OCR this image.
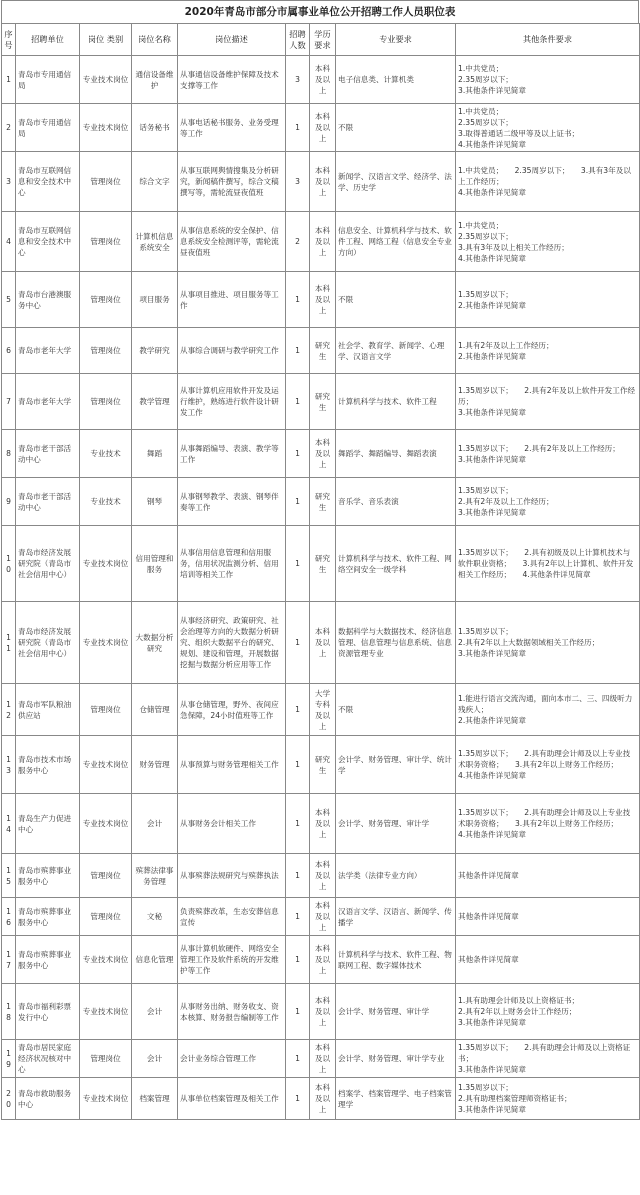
2020年青岛市部分市属事业单位公开招聘工作人员职位表
序号	招聘单位	岗位 类别	岗位名称	岗位描述	招聘人数	学历要求	专业要求	其他条件要求
1	青岛市专用通信局	专业技术岗位	通信设备维护	从事通信设备维护保障及技术支撑等工作	3	本科及以上	电子信息类、计算机类	1.中共党员；
2.35周岁以下；
3.其他条件详见简章
2	青岛市专用通信局	专业技术岗位	话务秘书	从事电话秘书服务、业务受理等工作	1	本科及以上	不限	1.中共党员；
2.35周岁以下；
3.取得普通话二级甲等及以上证书；
4.其他条件详见简章
3	青岛市互联网信息和安全技术中心	管理岗位	综合文字	从事互联网舆情搜集及分析研究，新闻稿件撰写，综合文稿撰写等，需轮流昼夜值班	3	本科及以上	新闻学、汉语言文学、经济学、法学、历史学	1.中共党员；　　2.35周岁以下；　　3.具有3年及以上工作经历；
4.其他条件详见简章
4	青岛市互联网信息和安全技术中心	管理岗位	计算机信息系统安全	从事信息系统的安全保护、信息系统安全检测评等，需轮流昼夜值班	2	本科及以上	信息安全、计算机科学与技术、软件工程、网络工程（信息安全专业方向）	1.中共党员；
2.35周岁以下；
3.具有3年及以上相关工作经历；
4.其他条件详见简章
5	青岛市台港澳服务中心	管理岗位	项目服务	从事项目推进、项目服务等工作	1	本科及以上	不限	1.35周岁以下；
2.其他条件详见简章
6	青岛市老年大学	管理岗位	教学研究	从事综合调研与教学研究工作	1	研究生	社会学、教育学、新闻学、心理学、汉语言文学	1.具有2年及以上工作经历；
2.其他条件详见简章
7	青岛市老年大学	管理岗位	教学管理	从事计算机应用软件开发及运行维护，熟练进行软件设计研发工作	1	研究生	计算机科学与技术、软件工程	1.35周岁以下；　　2.具有2年及以上软件开发工作经历；
3.其他条件详见简章
8	青岛市老干部活动中心	专业技术	舞蹈	从事舞蹈编导、表演、教学等工作	1	本科及以上	舞蹈学、舞蹈编导、舞蹈表演	1.35周岁以下；　　2.具有2年及以上工作经历；
3.其他条件详见简章
9	青岛市老干部活动中心	专业技术	钢琴	从事钢琴教学、表演、钢琴伴奏等工作	1	研究生	音乐学、音乐表演	1.35周岁以下；
2.具有2年及以上工作经历；
3.其他条件详见简章
10	青岛市经济发展研究院（青岛市社会信用中心）	专业技术岗位	信用管理和服务	从事信用信息管理和信用服务，信用状况监测分析、信用培训等相关工作	1	研究生	计算机科学与技术、软件工程、网络空间安全一级学科	1.35周岁以下；　　2.具有初级及以上计算机技术与软件职业资格；　　3.具有2年以上计算机、软件开发相关工作经历；　　4.其他条件详见简章
11	青岛市经济发展研究院（青岛市社会信用中心）	专业技术岗位	大数据分析研究	从事经济研究、政策研究、社会治理等方向的大数据分析研究、组织大数据平台的研究、规划、建设和管理，开展数据挖掘与数据分析应用等工作	1	本科及以上	数据科学与大数据技术、经济信息管理、信息管理与信息系统、信息资源管理专业	1.35周岁以下；
2.具有2年以上大数据领域相关工作经历；
3.其他条件详见简章
12	青岛市军队粮油供应站	管理岗位	仓储管理	从事仓储管理，野外、夜间应急保障，24小时值班等工作	1	大学专科及以上	不限	1.能进行语言交流沟通，面向本市二、三、四级听力残疾人；
2.其他条件详见简章
13	青岛市技术市场服务中心	专业技术岗位	财务管理	从事预算与财务管理相关工作	1	研究生	会计学、财务管理、审计学、统计学	1.35周岁以下；　　2.具有助理会计师及以上专业技术职务资格；　　3.具有2年以上财务工作经历；
4.其他条件详见简章
14	青岛生产力促进中心	专业技术岗位	会计	从事财务会计相关工作	1	本科及以上	会计学、财务管理、审计学	1.35周岁以下；　　2.具有助理会计师及以上专业技术职务资格；　　3.具有2年以上财务工作经历；
4.其他条件详见简章
15	青岛市殡葬事业服务中心	管理岗位	殡葬法律事务管理	从事殡葬法规研究与殡葬执法	1	本科及以上	法学类（法律专业方向）	其他条件详见简章
16	青岛市殡葬事业服务中心	管理岗位	文秘	负责殡葬改革，生态安葬信息宣传	1	本科及以上	汉语言文学、汉语言、新闻学、传播学	其他条件详见简章
17	青岛市殡葬事业服务中心	专业技术岗位	信息化管理	从事计算机软硬件、网络安全管理工作及软件系统的开发维护等工作	1	本科及以上	计算机科学与技术、软件工程、物联网工程、数字媒体技术	其他条件详见简章
18	青岛市福利彩票发行中心	专业技术岗位	会计	从事财务出纳、财务收支、资本核算、财务报告编制等工作	1	本科及以上	会计学、财务管理、审计学	1.具有助理会计师及以上资格证书；
2.具有2年以上财务会计工作经历；
3.其他条件详见简章
19	青岛市居民家庭经济状况核对中心	管理岗位	会计	会计业务综合管理工作	1	本科及以上	会计学、财务管理、审计学专业	1.35周岁以下；　　2.具有助理会计师及以上资格证书；
3.其他条件详见简章
20	青岛市救助服务中心	专业技术岗位	档案管理	从事单位档案管理及相关工作	1	本科及以上	档案学、档案管理学、电子档案管理学	1.35周岁以下；
2.具有助理档案管理师资格证书；
3.其他条件详见简章
